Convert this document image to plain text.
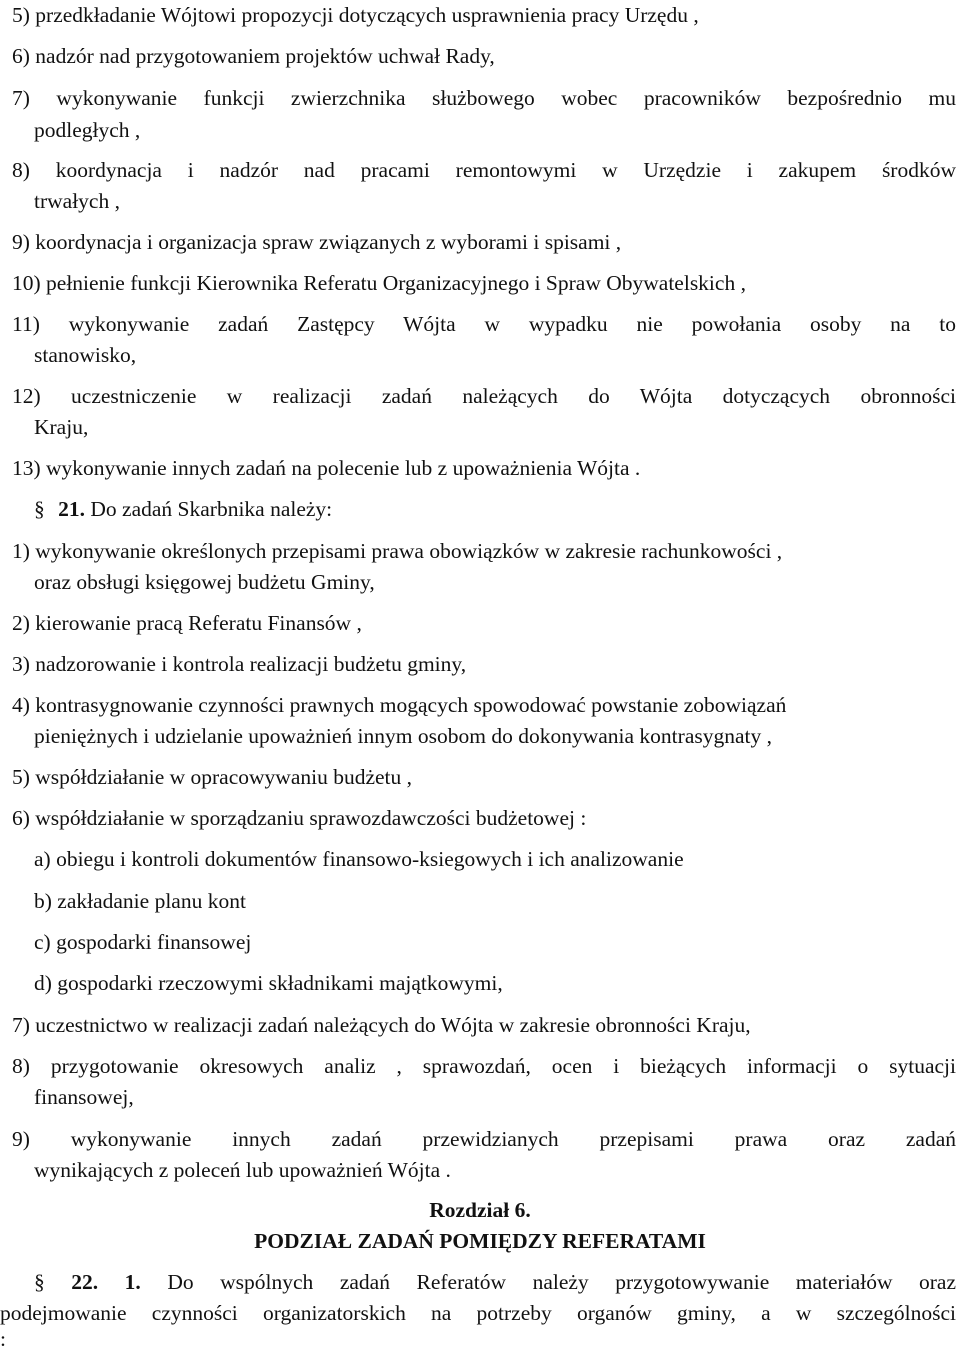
5) przedkładanie Wójtowi propozycji dotyczących usprawnienia pracy Urzędu ,
6) nadzór nad przygotowaniem projektów uchwał Rady,
7) wykonywanie funkcji zwierzchnika służbowego wobec pracowników bezpośrednio mu
podległych ,
8) koordynacja i nadzór nad pracami remontowymi w Urzędzie i zakupem środków
trwałych ,
9) koordynacja i organizacja spraw związanych z wyborami i spisami ,
10) pełnienie funkcji Kierownika Referatu Organizacyjnego i Spraw Obywatelskich ,
11) wykonywanie zadań Zastępcy Wójta w wypadku nie powołania osoby na to
stanowisko,
12) uczestniczenie w realizacji zadań należących do Wójta dotyczących obronności
Kraju,
13) wykonywanie innych zadań na polecenie lub z upoważnienia Wójta .
§ 21. Do zadań Skarbnika należy:
1) wykonywanie określonych przepisami prawa obowiązków w zakresie rachunkowości ,
oraz obsługi księgowej budżetu Gminy,
2) kierowanie pracą Referatu Finansów ,
3) nadzorowanie i kontrola realizacji budżetu gminy,
4) kontrasygnowanie czynności prawnych mogących spowodować powstanie zobowiązań
pieniężnych i udzielanie upoważnień innym osobom do dokonywania kontrasygnaty ,
5) współdziałanie w opracowywaniu budżetu ,
6) współdziałanie w sporządzaniu sprawozdawczości budżetowej :
a) obiegu i kontroli dokumentów finansowo-ksiegowych i ich analizowanie
b) zakładanie planu kont
c) gospodarki finansowej
d) gospodarki rzeczowymi składnikami majątkowymi,
7) uczestnictwo w realizacji zadań należących do Wójta w zakresie obronności Kraju,
8) przygotowanie okresowych analiz , sprawozdań, ocen i bieżących informacji o sytuacji
finansowej,
9) wykonywanie innych zadań przewidzianych przepisami prawa oraz zadań
wynikających z poleceń lub upoważnień Wójta .
Rozdział 6.
PODZIAŁ ZADAŃ POMIĘDZY REFERATAMI
§ 22. 1. Do wspólnych zadań Referatów należy przygotowywanie materiałów oraz
podejmowanie czynności organizatorskich na potrzeby organów gminy, a w szczególności
:
